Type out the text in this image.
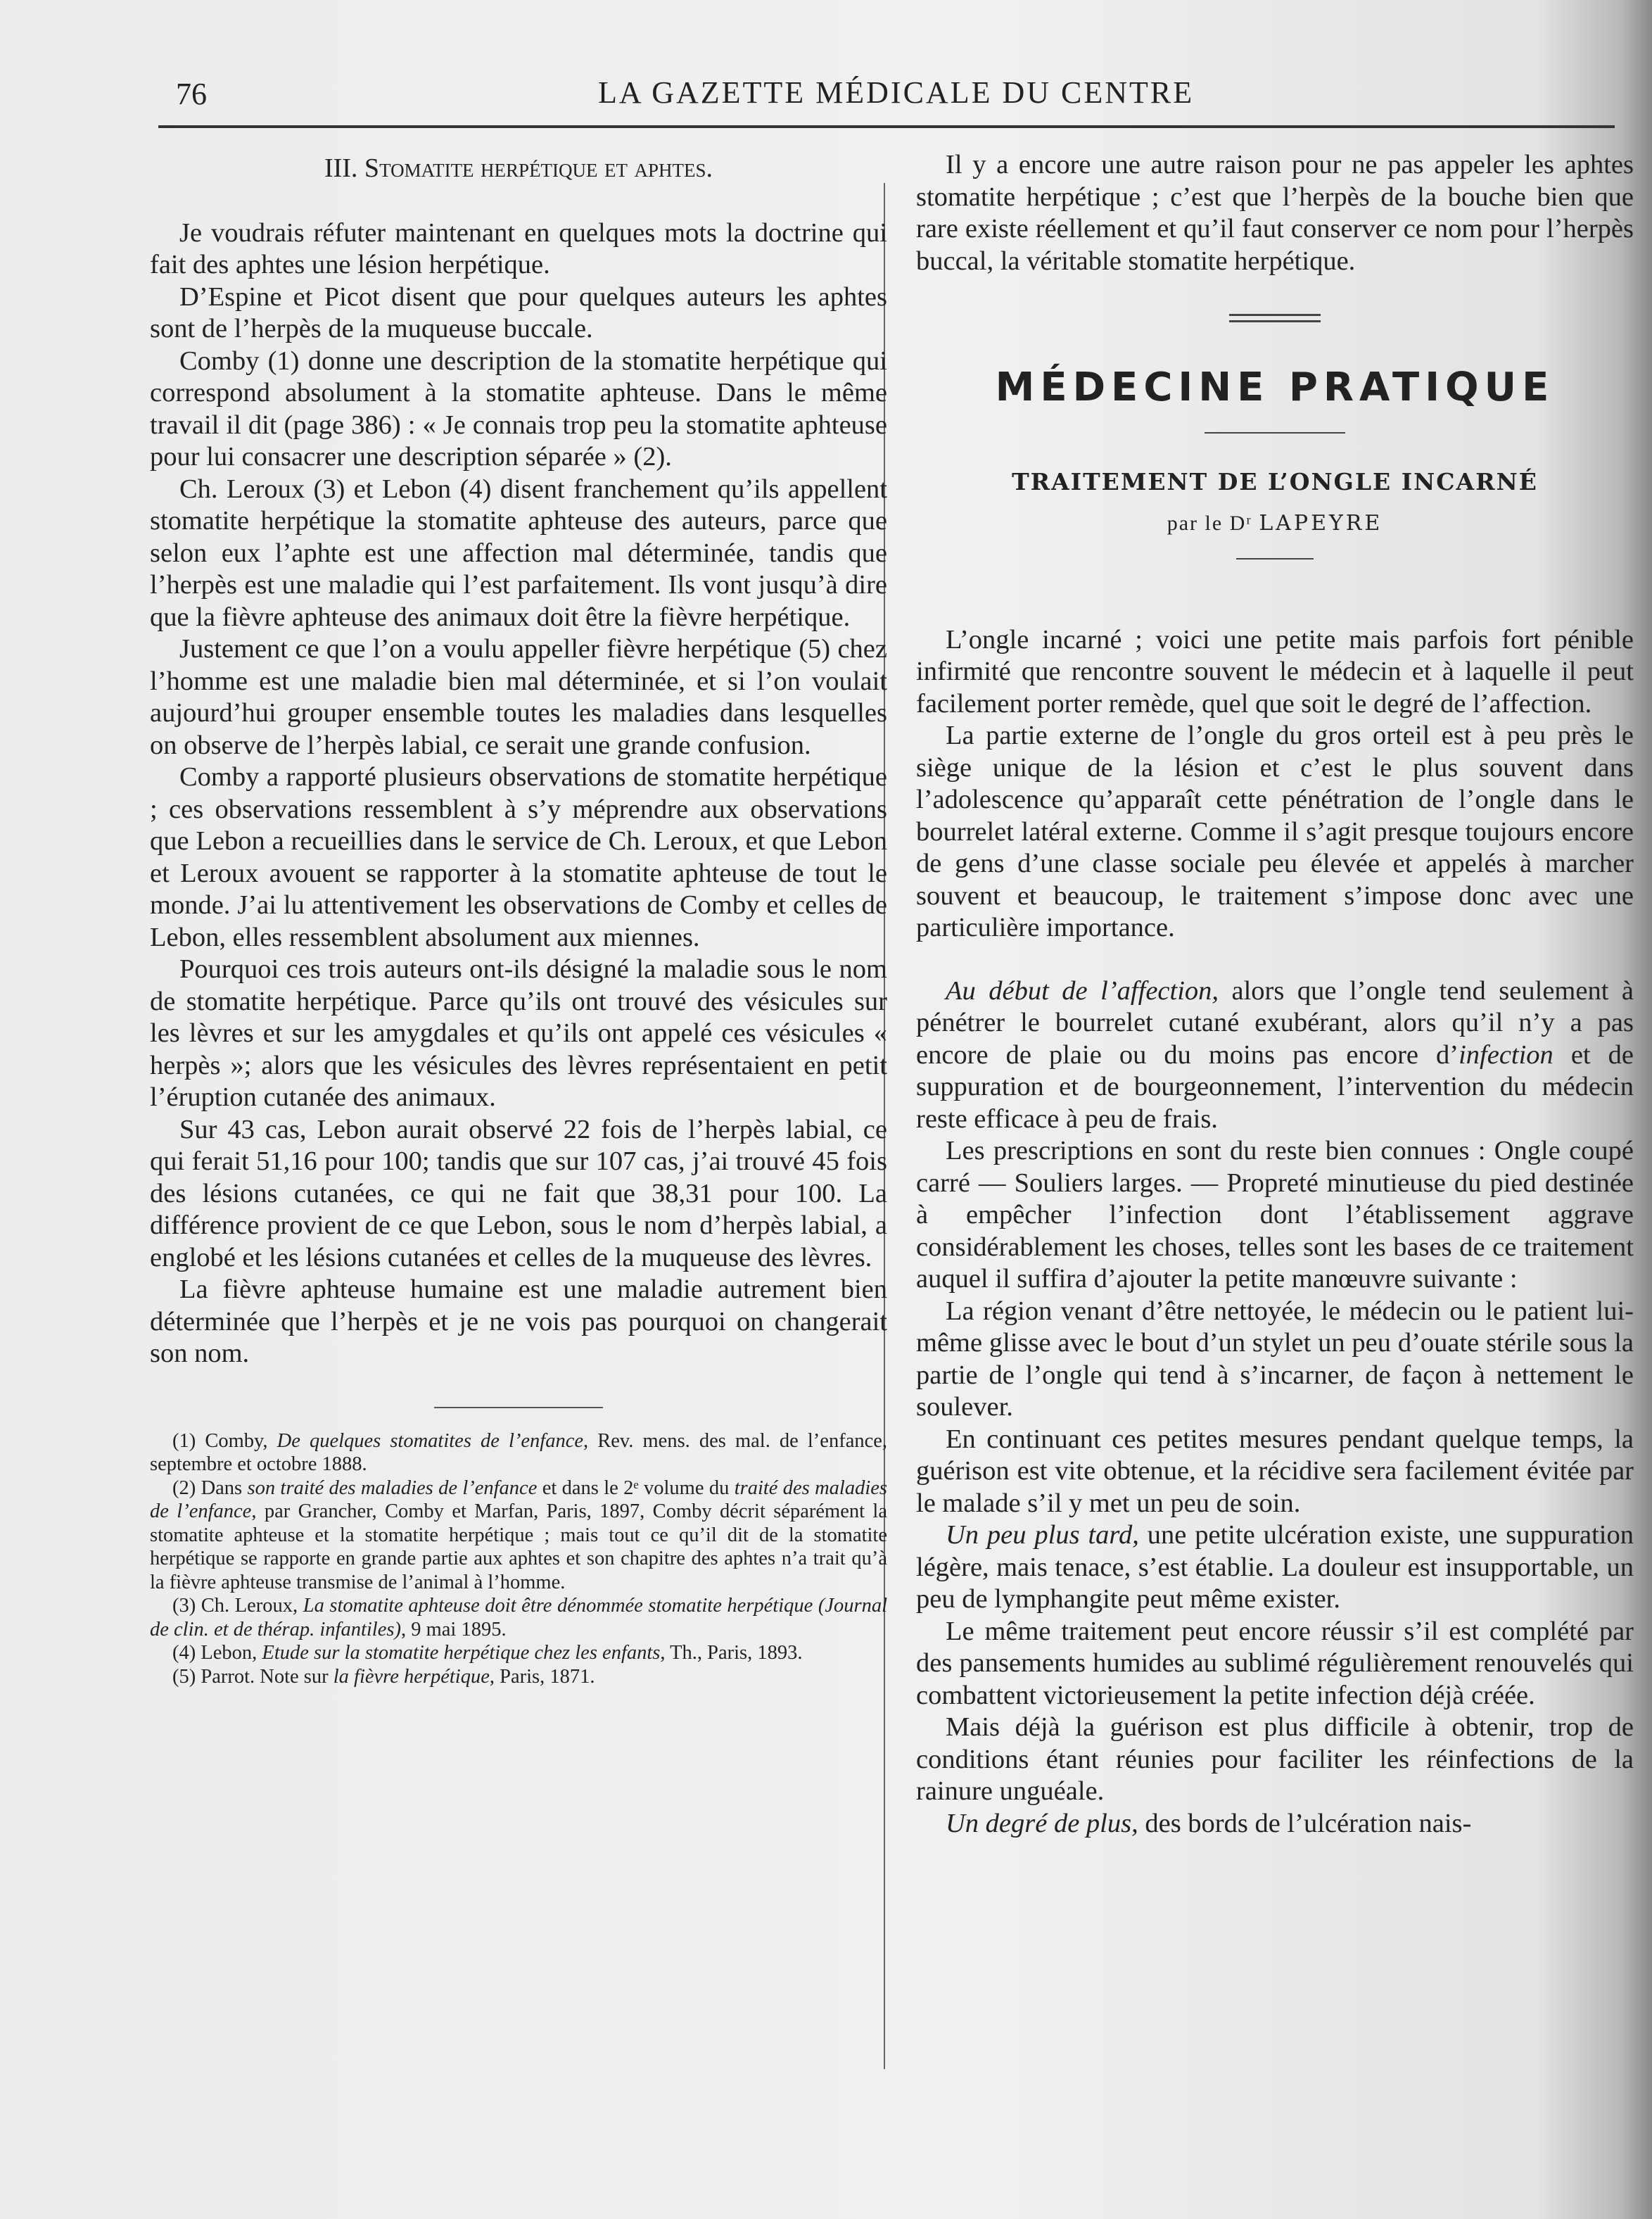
76	LA GAZETTE MÉDICALE DU CENTRE
III. Stomatite herpétique et aphtes.

Je voudrais réfuter maintenant en quelques mots la doctrine qui fait des aphtes une lésion herpétique.

D’Espine et Picot disent que pour quelques auteurs les aphtes sont de l’herpès de la muqueuse buccale.

Comby (1) donne une description de la stomatite herpétique qui correspond absolument à la stomatite aphteuse. Dans le même travail il dit (page 386) : « Je connais trop peu la stomatite aphteuse pour lui consacrer une description séparée » (2).

Ch. Leroux (3) et Lebon (4) disent franchement qu’ils appellent stomatite herpétique la stomatite aphteuse des auteurs, parce que selon eux l’aphte est une affection mal déterminée, tandis que l’herpès est une maladie qui l’est parfaitement. Ils vont jusqu’à dire que la fièvre aphteuse des animaux doit être la fièvre herpétique.

Justement ce que l’on a voulu appeller fièvre herpétique (5) chez l’homme est une maladie bien mal déterminée, et si l’on voulait aujourd’hui grouper ensemble toutes les maladies dans lesquelles on observe de l’herpès labial, ce serait une grande confusion.

Comby a rapporté plusieurs observations de stomatite herpétique ; ces observations ressemblent à s’y méprendre aux observations que Lebon a recueillies dans le service de Ch. Leroux, et que Lebon et Leroux avouent se rapporter à la stomatite aphteuse de tout le monde. J’ai lu attentivement les observations de Comby et celles de Lebon, elles ressemblent absolument aux miennes.

Pourquoi ces trois auteurs ont-ils désigné la maladie sous le nom de stomatite herpétique. Parce qu’ils ont trouvé des vésicules sur les lèvres et sur les amygdales et qu’ils ont appelé ces vésicules « herpès »; alors que les vésicules des lèvres représentaient en petit l’éruption cutanée des animaux.

Sur 43 cas, Lebon aurait observé 22 fois de l’herpès labial, ce qui ferait 51,16 pour 100; tandis que sur 107 cas, j’ai trouvé 45 fois des lésions cutanées, ce qui ne fait que 38,31 pour 100. La différence provient de ce que Lebon, sous le nom d’herpès labial, a englobé et les lésions cutanées et celles de la muqueuse des lèvres.

La fièvre aphteuse humaine est une maladie autrement bien déterminée que l’herpès et je ne vois pas pourquoi on changerait son nom.

(1) Comby, De quelques stomatites de l’enfance, Rev. mens. des mal. de l’enfance, septembre et octobre 1888.

(2) Dans son traité des maladies de l’enfance et dans le 2ᵉ volume du traité des maladies de l’enfance, par Grancher, Comby et Marfan, Paris, 1897, Comby décrit séparément la stomatite aphteuse et la stomatite herpétique ; mais tout ce qu’il dit de la stomatite herpétique se rapporte en grande partie aux aphtes et son chapitre des aphtes n’a trait qu’à la fièvre aphteuse transmise de l’animal à l’homme.

(3) Ch. Leroux, La stomatite aphteuse doit être dénommée stomatite herpétique (Journal de clin. et de thérap. infantiles), 9 mai 1895.

(4) Lebon, Etude sur la stomatite herpétique chez les enfants, Th., Paris, 1893.

(5) Parrot. Note sur la fièvre herpétique, Paris, 1871.

Il y a encore une autre raison pour ne pas appeler les aphtes stomatite herpétique ; c’est que l’herpès de la bouche bien que rare existe réellement et qu’il faut conserver ce nom pour l’herpès buccal, la véritable stomatite herpétique.

MÉDECINE PRATIQUE
TRAITEMENT DE L’ONGLE INCARNÉ
par le Dʳ LAPEYRE

L’ongle incarné ; voici une petite mais parfois fort pénible infirmité que rencontre souvent le médecin et à laquelle il peut facilement porter remède, quel que soit le degré de l’affection.

La partie externe de l’ongle du gros orteil est à peu près le siège unique de la lésion et c’est le plus souvent dans l’adolescence qu’apparaît cette pénétration de l’ongle dans le bourrelet latéral externe. Comme il s’agit presque toujours encore de gens d’une classe sociale peu élevée et appelés à marcher souvent et beaucoup, le traitement s’impose donc avec une particulière importance.

Au début de l’affection, alors que l’ongle tend seulement à pénétrer le bourrelet cutané exubérant, alors qu’il n’y a pas encore de plaie ou du moins pas encore d’infection et de suppuration et de bourgeonnement, l’intervention du médecin reste efficace à peu de frais.

Les prescriptions en sont du reste bien connues : Ongle coupé carré — Souliers larges. — Propreté minutieuse du pied destinée à empêcher l’infection dont l’établissement aggrave considérablement les choses, telles sont les bases de ce traitement auquel il suffira d’ajouter la petite manœuvre suivante :

La région venant d’être nettoyée, le médecin ou le patient lui-même glisse avec le bout d’un stylet un peu d’ouate stérile sous la partie de l’ongle qui tend à s’incarner, de façon à nettement le soulever.

En continuant ces petites mesures pendant quelque temps, la guérison est vite obtenue, et la récidive sera facilement évitée par le malade s’il y met un peu de soin.

Un peu plus tard, une petite ulcération existe, une suppuration légère, mais tenace, s’est établie. La douleur est insupportable, un peu de lymphangite peut même exister.

Le même traitement peut encore réussir s’il est complété par des pansements humides au sublimé régulièrement renouvelés qui combattent victorieusement la petite infection déjà créée.

Mais déjà la guérison est plus difficile à obtenir, trop de conditions étant réunies pour faciliter les réinfections de la rainure unguéale.

Un degré de plus, des bords de l’ulcération nais-
